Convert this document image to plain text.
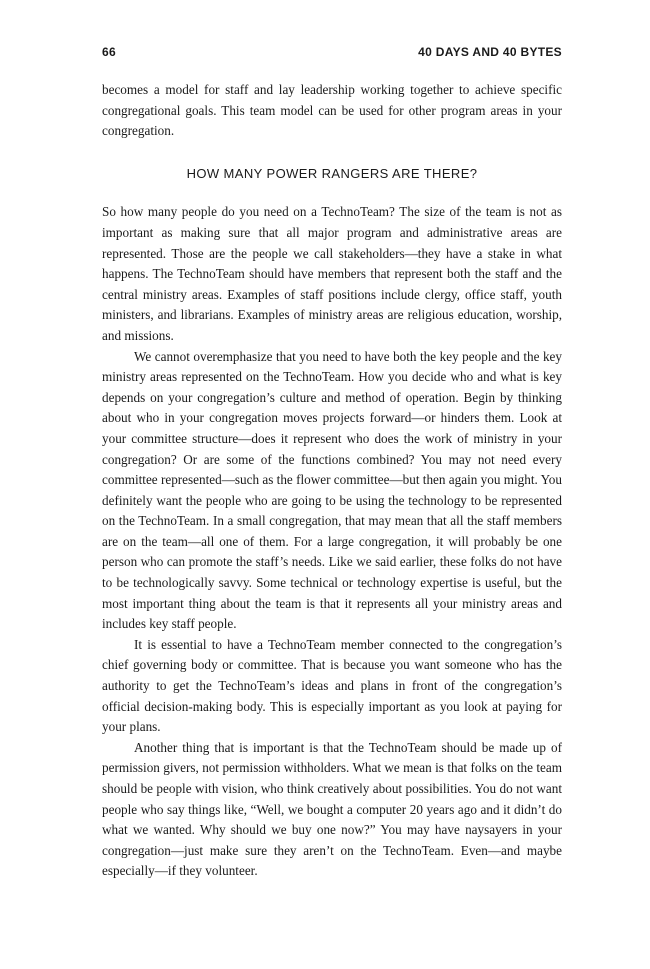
66	40 DAYS AND 40 BYTES

becomes a model for staff and lay leadership working together to achieve specific congregational goals. This team model can be used for other program areas in your congregation.

HOW MANY POWER RANGERS ARE THERE?

So how many people do you need on a TechnoTeam? The size of the team is not as important as making sure that all major program and administrative areas are represented. Those are the people we call stakeholders—they have a stake in what happens. The TechnoTeam should have members that represent both the staff and the central ministry areas. Examples of staff positions include clergy, office staff, youth ministers, and librarians. Examples of ministry areas are religious education, worship, and missions.

We cannot overemphasize that you need to have both the key people and the key ministry areas represented on the TechnoTeam. How you decide who and what is key depends on your congregation’s culture and method of operation. Begin by thinking about who in your congregation moves projects forward—or hinders them. Look at your committee structure—does it represent who does the work of ministry in your congregation? Or are some of the functions combined? You may not need every committee represented—such as the flower committee—but then again you might. You definitely want the people who are going to be using the technology to be represented on the TechnoTeam. In a small congregation, that may mean that all the staff members are on the team—all one of them. For a large congregation, it will probably be one person who can promote the staff’s needs. Like we said earlier, these folks do not have to be technologically savvy. Some technical or technology expertise is useful, but the most important thing about the team is that it represents all your ministry areas and includes key staff people.

It is essential to have a TechnoTeam member connected to the congregation’s chief governing body or committee. That is because you want someone who has the authority to get the TechnoTeam’s ideas and plans in front of the congregation’s official decision-making body. This is especially important as you look at paying for your plans.

Another thing that is important is that the TechnoTeam should be made up of permission givers, not permission withholders. What we mean is that folks on the team should be people with vision, who think creatively about possibilities. You do not want people who say things like, “Well, we bought a computer 20 years ago and it didn’t do what we wanted. Why should we buy one now?” You may have naysayers in your congregation—just make sure they aren’t on the TechnoTeam. Even—and maybe especially—if they volunteer.
